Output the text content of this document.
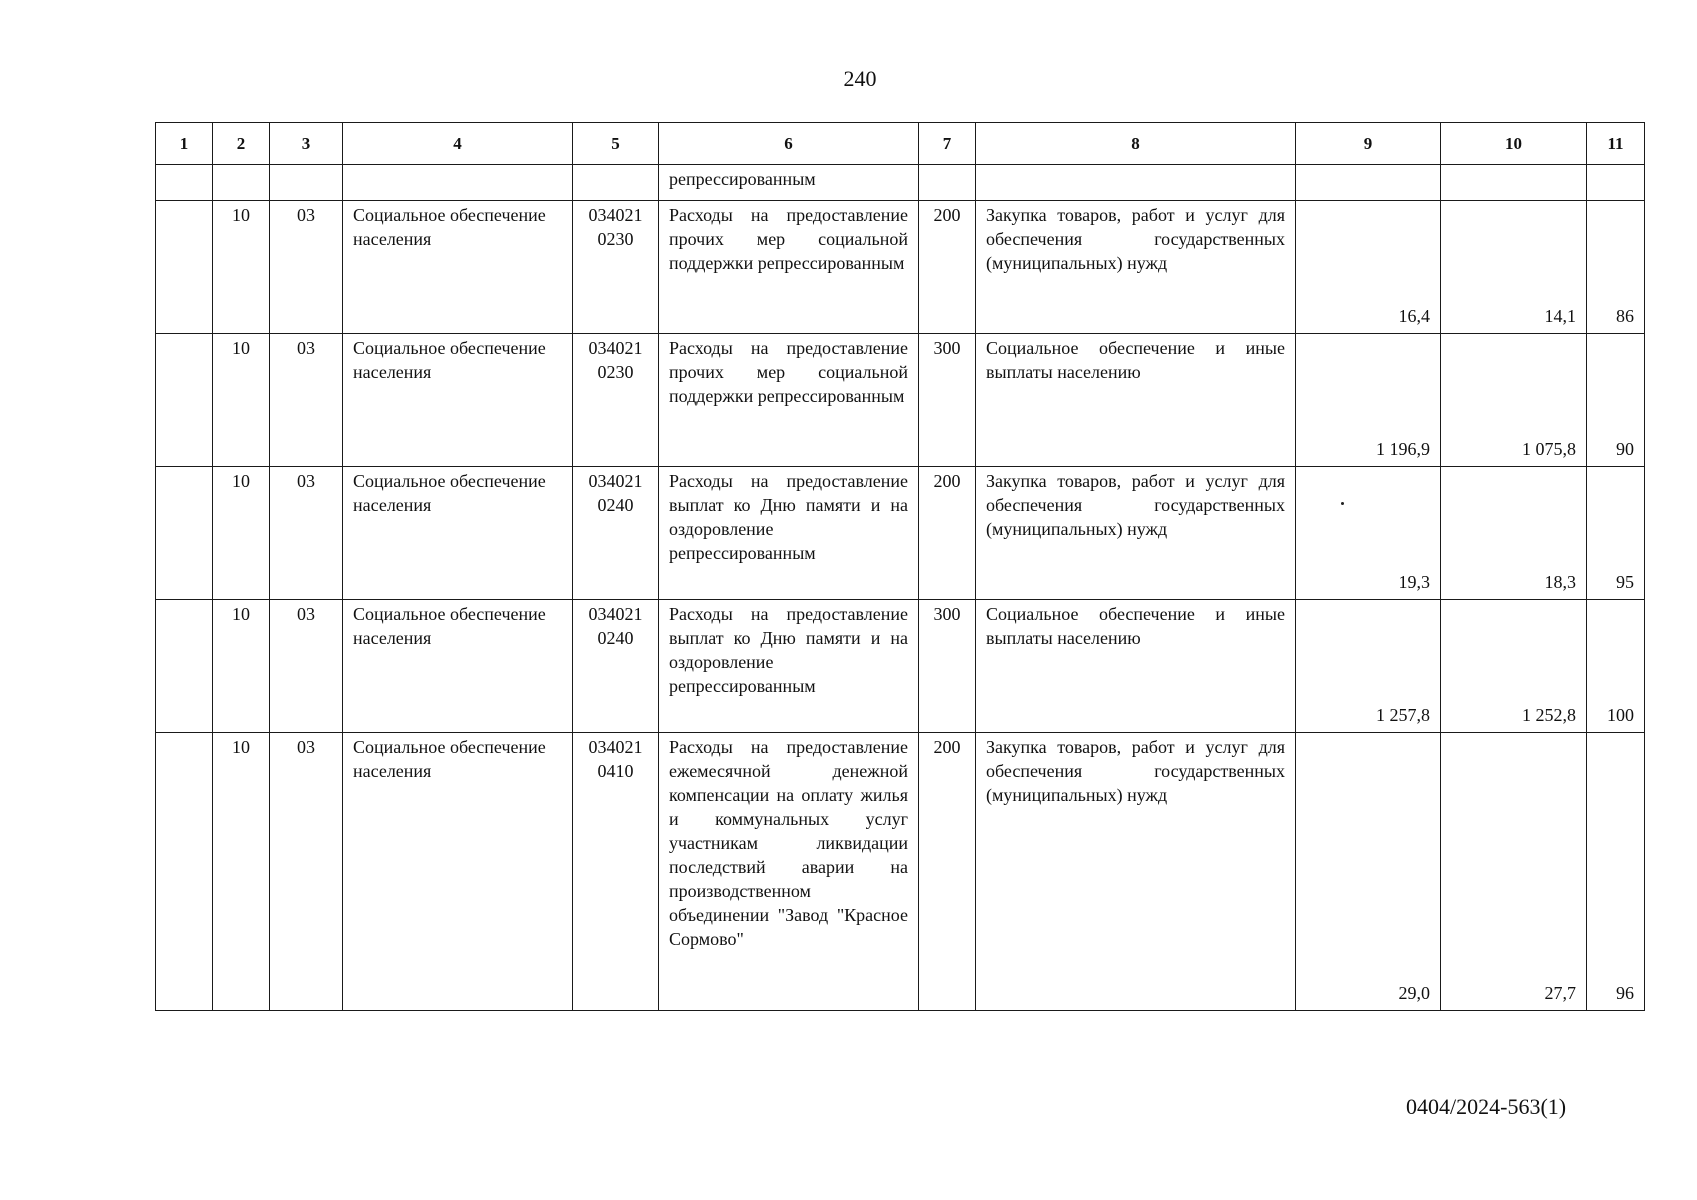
240
1	2	3	4	5	6	7	8	9	10	11
					репрессированным					
	10	03	Социальное обеспечение населения	034021 0230	Расходы на предоставление прочих мер социальной поддержки репрессированным	200	Закупка товаров, работ и услуг для обеспечения государственных (муниципальных) нужд	16,4	14,1	86
	10	03	Социальное обеспечение населения	034021 0230	Расходы на предоставление прочих мер социальной поддержки репрессированным	300	Социальное обеспечение и иные выплаты населению	1 196,9	1 075,8	90
	10	03	Социальное обеспечение населения	034021 0240	Расходы на предоставление выплат ко Дню памяти и на оздоровление репрессированным	200	Закупка товаров, работ и услуг для обеспечения государственных (муниципальных) нужд	19,3	18,3	95
	10	03	Социальное обеспечение населения	034021 0240	Расходы на предоставление выплат ко Дню памяти и на оздоровление репрессированным	300	Социальное обеспечение и иные выплаты населению	1 257,8	1 252,8	100
	10	03	Социальное обеспечение населения	034021 0410	Расходы на предоставление ежемесячной денежной компенсации на оплату жилья и коммунальных услуг участникам ликвидации последствий аварии на производственном объединении "Завод "Красное Сормово"	200	Закупка товаров, работ и услуг для обеспечения государственных (муниципальных) нужд	29,0	27,7	96
0404/2024-563(1)
